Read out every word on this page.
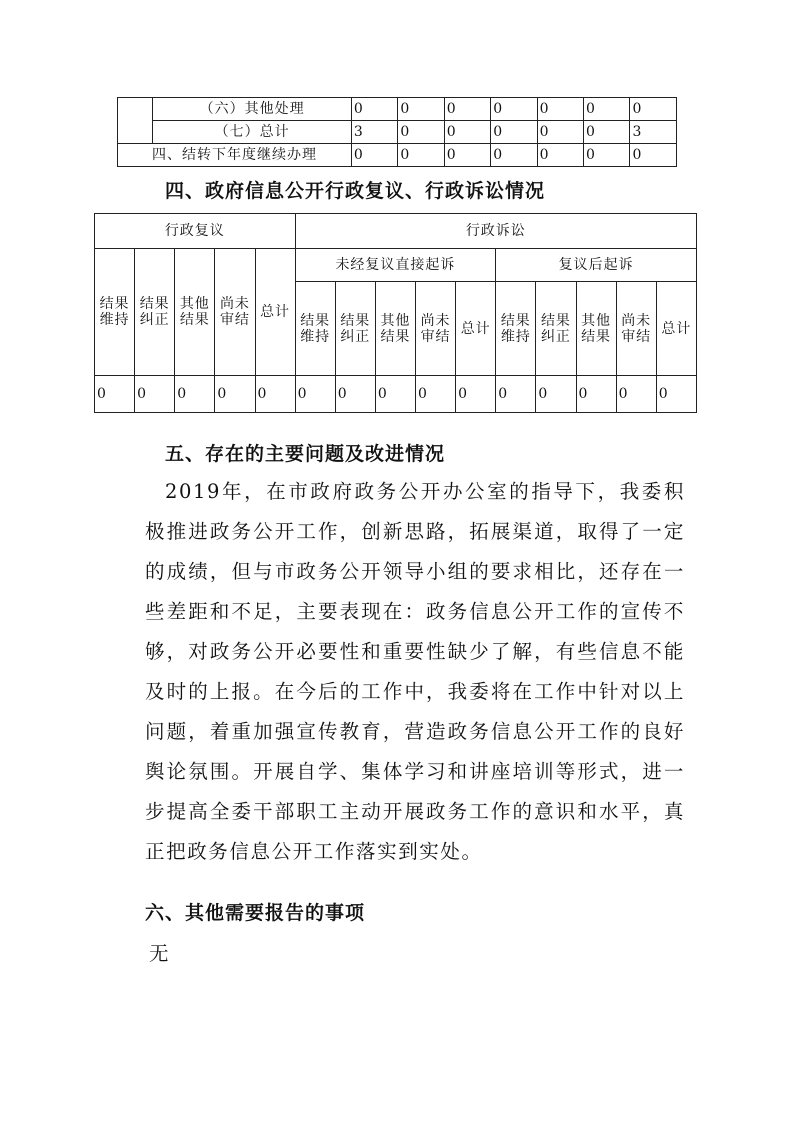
	（六）其他处理	0	0	0	0	0	0	0
	（七）总计	3	0	0	0	0	0	3
四、结转下年度继续办理		0	0	0	0	0	0	0
四、政府信息公开行政复议、行政诉讼情况
行政复议					行政诉讼									
结果维持	结果纠正	其他结果	尚未审结	总计	未经复议直接起诉					复议后起诉				
					结果维持	结果纠正	其他结果	尚未审结	总计	结果维持	结果纠正	其他结果	尚未审结	总计
0	0	0	0	0	0	0	0	0	0	0	0	0	0	0
五、存在的主要问题及改进情况

2019年，在市政府政务公开办公室的指导下，我委积极推进政务公开工作，创新思路，拓展渠道，取得了一定的成绩，但与市政务公开领导小组的要求相比，还存在一些差距和不足，主要表现在：政务信息公开工作的宣传不够，对政务公开必要性和重要性缺少了解，有些信息不能及时的上报。在今后的工作中，我委将在工作中针对以上问题，着重加强宣传教育，营造政务信息公开工作的良好舆论氛围。开展自学、集体学习和讲座培训等形式，进一步提高全委干部职工主动开展政务工作的意识和水平，真正把政务信息公开工作落实到实处。

六、其他需要报告的事项

无
